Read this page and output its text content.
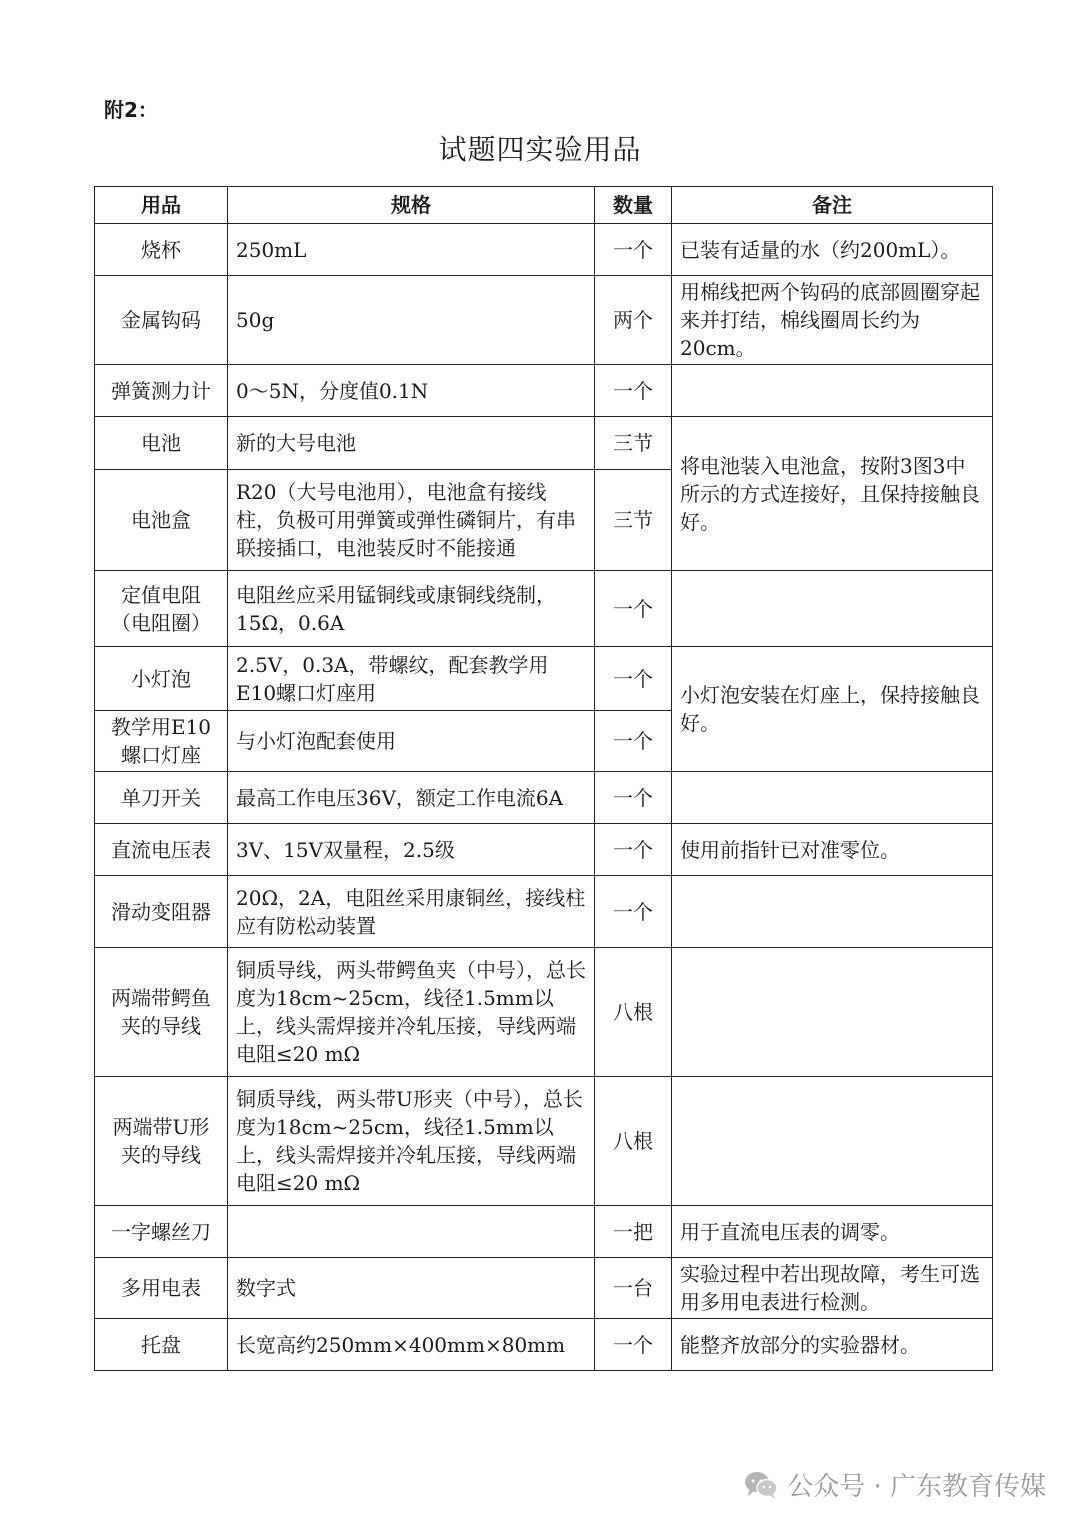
附2：
试题四实验用品
用品	规格	数量	备注
烧杯	250mL	一个	已装有适量的水（约200mL）。
金属钩码	50g	两个	用棉线把两个钩码的底部圆圈穿起来并打结，棉线圈周长约为20cm。
弹簧测力计	0～5N，分度值0.1N	一个	
电池	新的大号电池	三节	将电池装入电池盒，按附3图3中所示的方式连接好，且保持接触良好。
电池盒	R20（大号电池用），电池盒有接线柱，负极可用弹簧或弹性磷铜片，有串联接插口，电池装反时不能接通	三节	
定值电阻（电阻圈）	电阻丝应采用锰铜线或康铜线绕制，15Ω，0.6A	一个	
小灯泡	2.5V，0.3A，带螺纹，配套教学用E10螺口灯座用	一个	小灯泡安装在灯座上，保持接触良好。
教学用E10螺口灯座	与小灯泡配套使用	一个	
单刀开关	最高工作电压36V，额定工作电流6A	一个	
直流电压表	3V、15V双量程，2.5级	一个	使用前指针已对准零位。
滑动变阻器	20Ω，2A，电阻丝采用康铜丝，接线柱应有防松动装置	一个	
两端带鳄鱼夹的导线	铜质导线，两头带鳄鱼夹（中号），总长度为18cm~25cm，线径1.5mm以上，线头需焊接并冷轧压接，导线两端电阻≤20 mΩ	八根	
两端带U形夹的导线	铜质导线，两头带U形夹（中号），总长度为18cm~25cm，线径1.5mm以上，线头需焊接并冷轧压接，导线两端电阻≤20 mΩ	八根	
一字螺丝刀		一把	用于直流电压表的调零。
多用电表	数字式	一台	实验过程中若出现故障，考生可选用多用电表进行检测。
托盘	长宽高约250mm×400mm×80mm	一个	能整齐放部分的实验器材。
公众号 · 广东教育传媒
